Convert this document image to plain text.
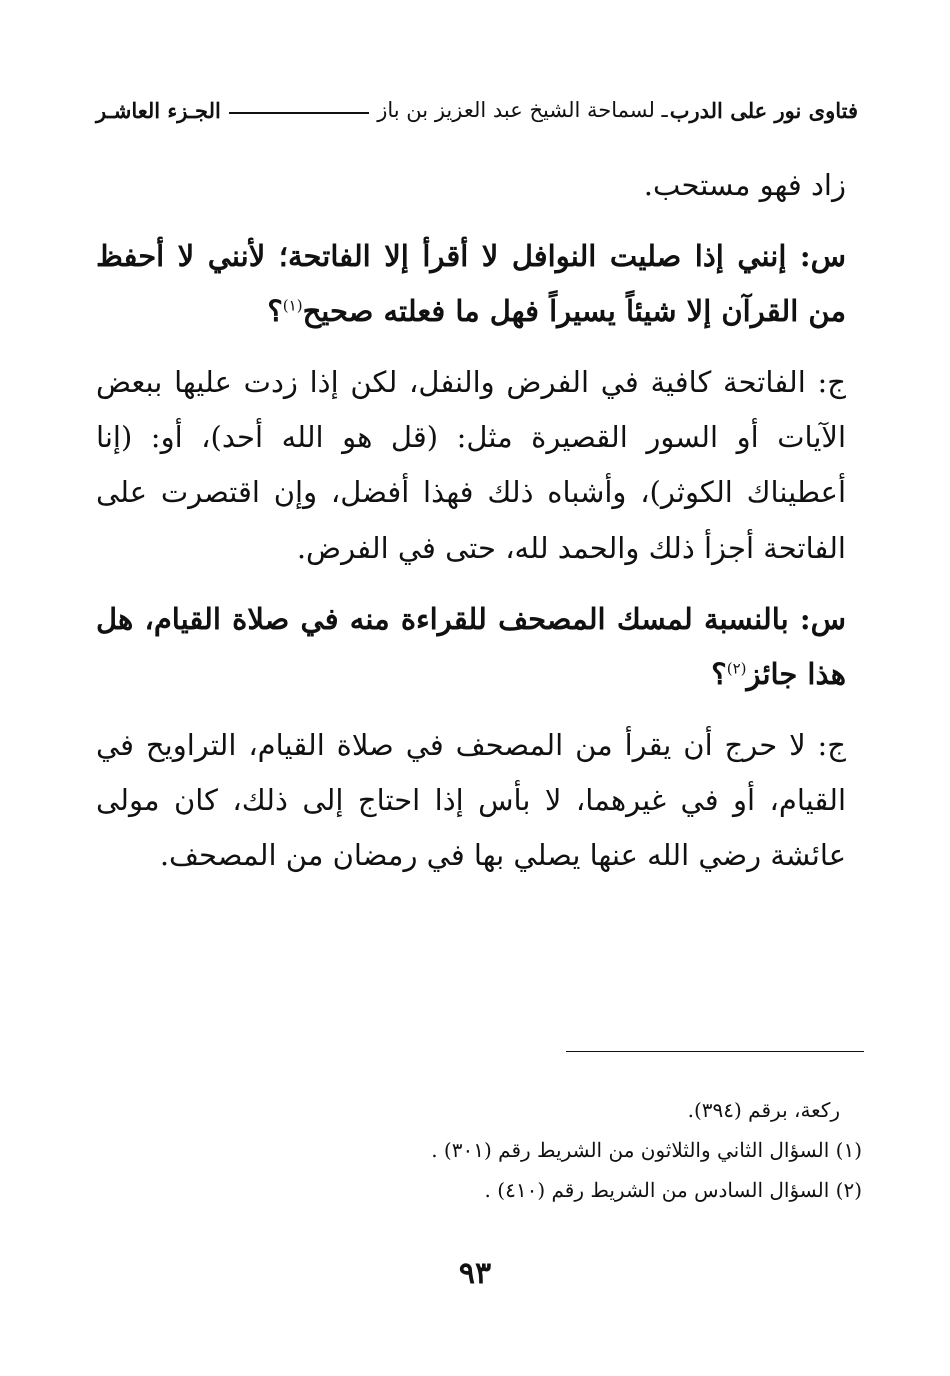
فتاوى نور على الدرب
ـ لسماحة الشيخ عبد العزيز بن باز
الجـزء العاشـر

زاد فهو مستحب.

س: إنني إذا صليت النوافل لا أقرأ إلا الفاتحة؛ لأنني لا أحفظ من القرآن إلا شيئاً يسيراً فهل ما فعلته صحيح$^{(١)}$؟

ج: الفاتحة كافية في الفرض والنفل، لكن إذا زدت عليها ببعض الآيات أو السور القصيرة مثل: (قل هو الله أحد)، أو: (إنا أعطيناك الكوثر)، وأشباه ذلك فهذا أفضل، وإن اقتصرت على الفاتحة أجزأ ذلك والحمد لله، حتى في الفرض.

س: بالنسبة لمسك المصحف للقراءة منه في صلاة القيام، هل هذا جائز$^{(٢)}$؟

ج: لا حرج أن يقرأ من المصحف في صلاة القيام، التراويح في القيام، أو في غيرهما، لا بأس إذا احتاج إلى ذلك، كان مولى عائشة رضي الله عنها يصلي بها في رمضان من المصحف.

ركعة، برقم (٣٩٤).

(١) السؤال الثاني والثلاثون من الشريط رقم (٣٠١) .

(٢) السؤال السادس من الشريط رقم (٤١٠) .

٩٣
